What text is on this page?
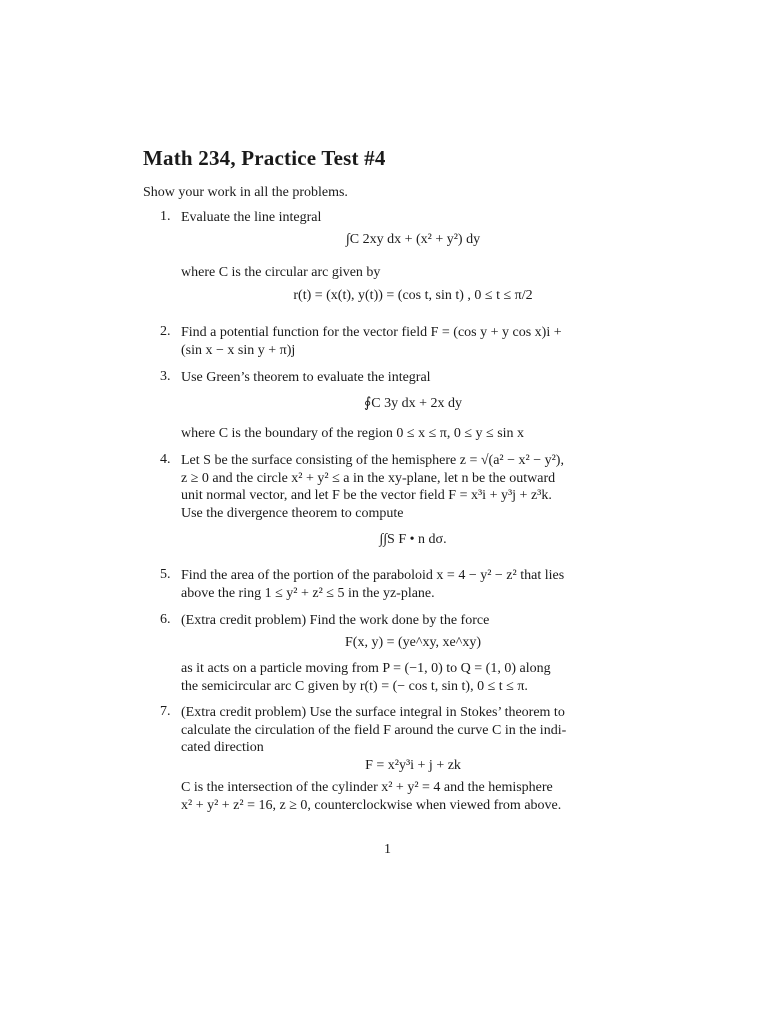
Math 234, Practice Test #4
Show your work in all the problems.
1. Evaluate the line integral
∫C 2xy dx + (x² + y²) dy
where C is the circular arc given by
r(t) = (x(t), y(t)) = (cos t, sin t) , 0 ≤ t ≤ π/2
2. Find a potential function for the vector field F = (cos y + y cos x)i +
(sin x − x sin y + π)j
3. Use Green’s theorem to evaluate the integral
∮C 3y dx + 2x dy
where C is the boundary of the region 0 ≤ x ≤ π, 0 ≤ y ≤ sin x
4. Let S be the surface consisting of the hemisphere z = √(a² − x² − y²),
z ≥ 0 and the circle x² + y² ≤ a in the xy-plane, let n be the outward
unit normal vector, and let F be the vector field F = x³i + y³j + z³k.
Use the divergence theorem to compute
∫∫S F • n dσ.
5. Find the area of the portion of the paraboloid x = 4 − y² − z² that lies
above the ring 1 ≤ y² + z² ≤ 5 in the yz-plane.
6. (Extra credit problem) Find the work done by the force
F(x, y) = (ye^xy, xe^xy)
as it acts on a particle moving from P = (−1, 0) to Q = (1, 0) along
the semicircular arc C given by r(t) = (− cos t, sin t), 0 ≤ t ≤ π.
7. (Extra credit problem) Use the surface integral in Stokes’ theorem to
calculate the circulation of the field F around the curve C in the indi-
cated direction
F = x²y³i + j + zk
C is the intersection of the cylinder x² + y² = 4 and the hemisphere
x² + y² + z² = 16, z ≥ 0, counterclockwise when viewed from above.
1
